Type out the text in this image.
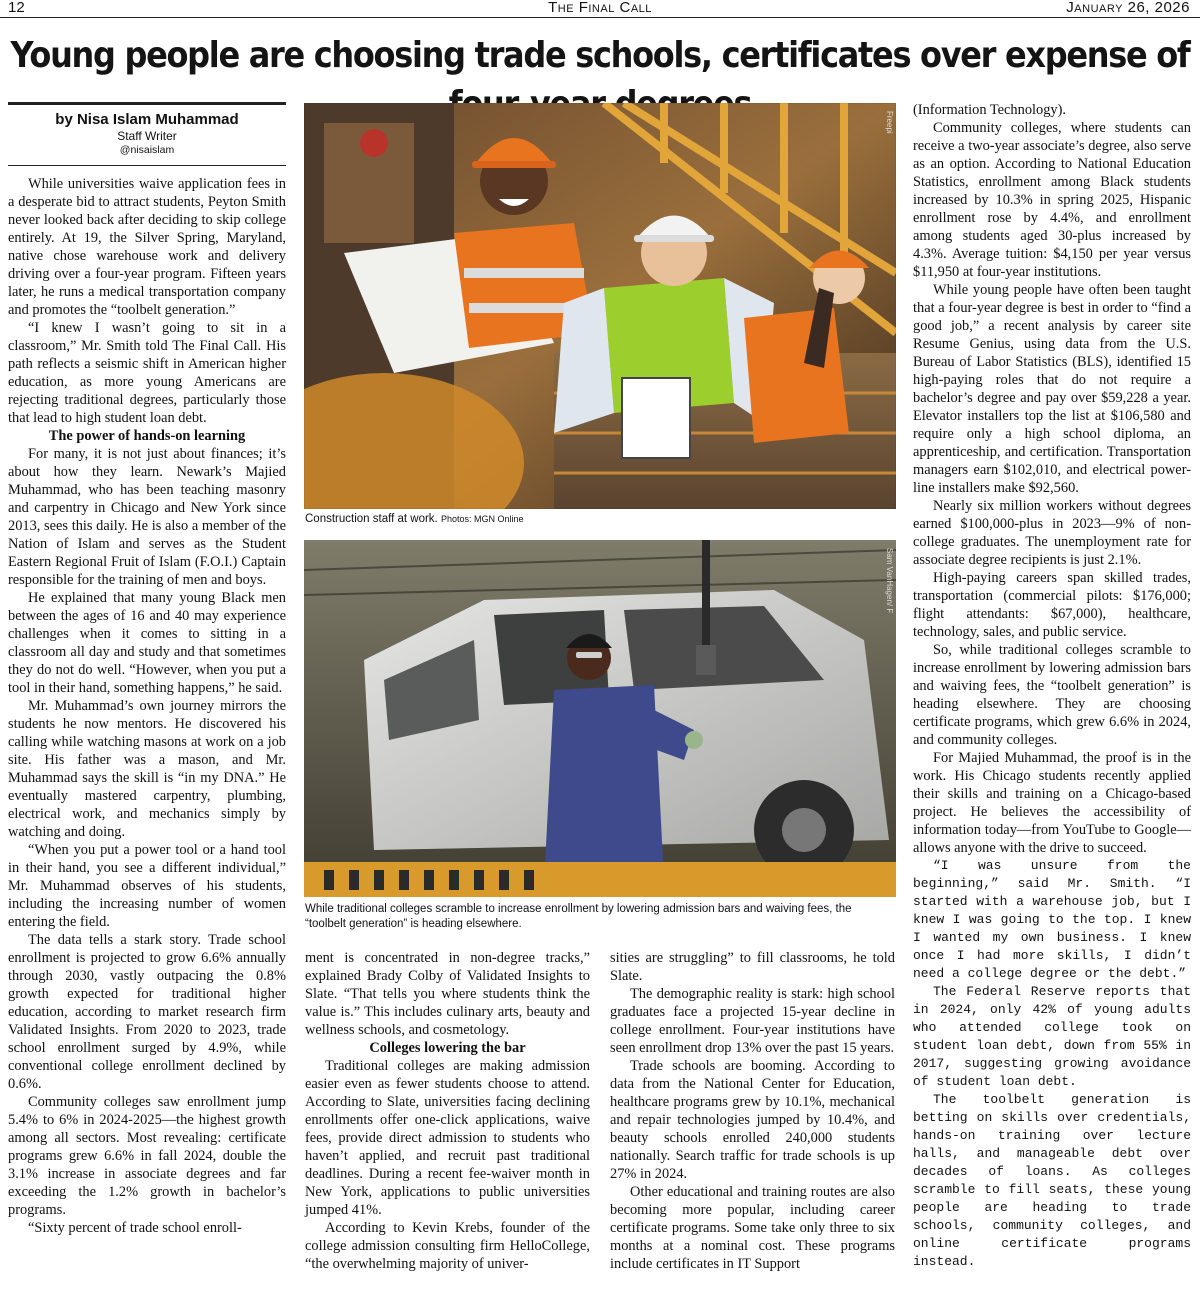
12	The Final Call	January 26, 2026
Young people are choosing trade schools, certificates over expense of
by Nisa Islam Muhammad
Staff Writer
@nisaislam

While universities waive application fees in a desperate bid to attract students, Peyton Smith never looked back after deciding to skip college entirely. At 19, the Silver Spring, Maryland, native chose warehouse work and delivery driving over a four-year program. Fifteen years later, he runs a medical transportation company and promotes the “toolbelt generation.”

“I knew I wasn’t going to sit in a classroom,” Mr. Smith told The Final Call. His path reflects a seismic shift in American higher education, as more young Americans are rejecting traditional degrees, particularly those that lead to high student loan debt.

The power of hands-on learning

For many, it is not just about finances; it’s about how they learn. Newark’s Majied Muhammad, who has been teaching masonry and carpentry in Chicago and New York since 2013, sees this daily. He is also a member of the Nation of Islam and serves as the Student Eastern Regional Fruit of Islam (F.O.I.) Captain responsible for the training of men and boys.

He explained that many young Black men between the ages of 16 and 40 may experience challenges when it comes to sitting in a classroom all day and study and that sometimes they do not do well. “However, when you put a tool in their hand, something happens,” he said.

Mr. Muhammad’s own journey mirrors the students he now mentors. He discovered his calling while watching masons at work on a job site. His father was a mason, and Mr. Muhammad says the skill is “in my DNA.” He eventually mastered carpentry, plumbing, electrical work, and mechanics simply by watching and doing.

“When you put a power tool or a hand tool in their hand, you see a different individual,” Mr. Muhammad observes of his students, including the increasing number of women entering the field.

The data tells a stark story. Trade school enrollment is projected to grow 6.6% annually through 2030, vastly outpacing the 0.8% growth expected for traditional higher education, according to market research firm Validated Insights. From 2020 to 2023, trade school enrollment surged by 4.9%, while conventional college enrollment declined by 0.6%.

Community colleges saw enrollment jump 5.4% to 6% in 2024-2025—the highest growth among all sectors. Most revealing: certificate programs grew 6.6% in fall 2024, double the 3.1% increase in associate degrees and far exceeding the 1.2% growth in bachelor’s programs.

“Sixty percent of trade school enroll-

Freepi
Construction staff at work. Photos: MGN Online
Sam VanHagen/ F
While traditional colleges scramble to increase enrollment by lowering admission bars and waiving fees, the “toolbelt generation” is heading elsewhere.

ment is concentrated in non-degree tracks,” explained Brady Colby of Validated Insights to Slate. “That tells you where students think the value is.” This includes culinary arts, beauty and wellness schools, and cosmetology.

Colleges lowering the bar

Traditional colleges are making admission easier even as fewer students choose to attend. According to Slate, universities facing declining enrollments offer one-click applications, waive fees, provide direct admission to students who haven’t applied, and recruit past traditional deadlines. During a recent fee-waiver month in New York, applications to public universities jumped 41%.

According to Kevin Krebs, founder of the college admission consulting firm HelloCollege, “the overwhelming majority of univer-

sities are struggling” to fill classrooms, he told Slate.

The demographic reality is stark: high school graduates face a projected 15-year decline in college enrollment. Four-year institutions have seen enrollment drop 13% over the past 15 years.

Trade schools are booming. According to data from the National Center for Education, healthcare programs grew by 10.1%, mechanical and repair technologies jumped by 10.4%, and beauty schools enrolled 240,000 students nationally. Search traffic for trade schools is up 27% in 2024.

Other educational and training routes are also becoming more popular, including career certificate programs. Some take only three to six months at a nominal cost. These programs include certificates in IT Support

(Information Technology).

Community colleges, where students can receive a two-year associate’s degree, also serve as an option. According to National Education Statistics, enrollment among Black students increased by 10.3% in spring 2025, Hispanic enrollment rose by 4.4%, and enrollment among students aged 30-plus increased by 4.3%. Average tuition: $4,150 per year versus $11,950 at four-year institutions.

While young people have often been taught that a four-year degree is best in order to “find a good job,” a recent analysis by career site Resume Genius, using data from the U.S. Bureau of Labor Statistics (BLS), identified 15 high-paying roles that do not require a bachelor’s degree and pay over $59,228 a year. Elevator installers top the list at $106,580 and require only a high school diploma, an apprenticeship, and certification. Transportation managers earn $102,010, and electrical power-line installers make $92,560.

Nearly six million workers without degrees earned $100,000-plus in 2023—9% of non-college graduates. The unemployment rate for associate degree recipients is just 2.1%.

High-paying careers span skilled trades, transportation (commercial pilots: $176,000; flight attendants: $67,000), healthcare, technology, sales, and public service.

So, while traditional colleges scramble to increase enrollment by lowering admission bars and waiving fees, the “toolbelt generation” is heading elsewhere. They are choosing certificate programs, which grew 6.6% in 2024, and community colleges.

For Majied Muhammad, the proof is in the work. His Chicago students recently applied their skills and training on a Chicago-based project. He believes the accessibility of information today—from YouTube to Google—allows anyone with the drive to succeed.

“I was unsure from the beginning,” said Mr. Smith. “I started with a warehouse job, but I knew I was going to the top. I knew I wanted my own business. I knew once I had more skills, I didn’t need a college degree or the debt.”

The Federal Reserve reports that in 2024, only 42% of young adults who attended college took on student loan debt, down from 55% in 2017, suggesting growing avoidance of student loan debt.

The toolbelt generation is betting on skills over credentials, hands-on training over lecture halls, and manageable debt over decades of loans. As colleges scramble to fill seats, these young people are heading to trade schools, community colleges, and online certificate programs instead.
